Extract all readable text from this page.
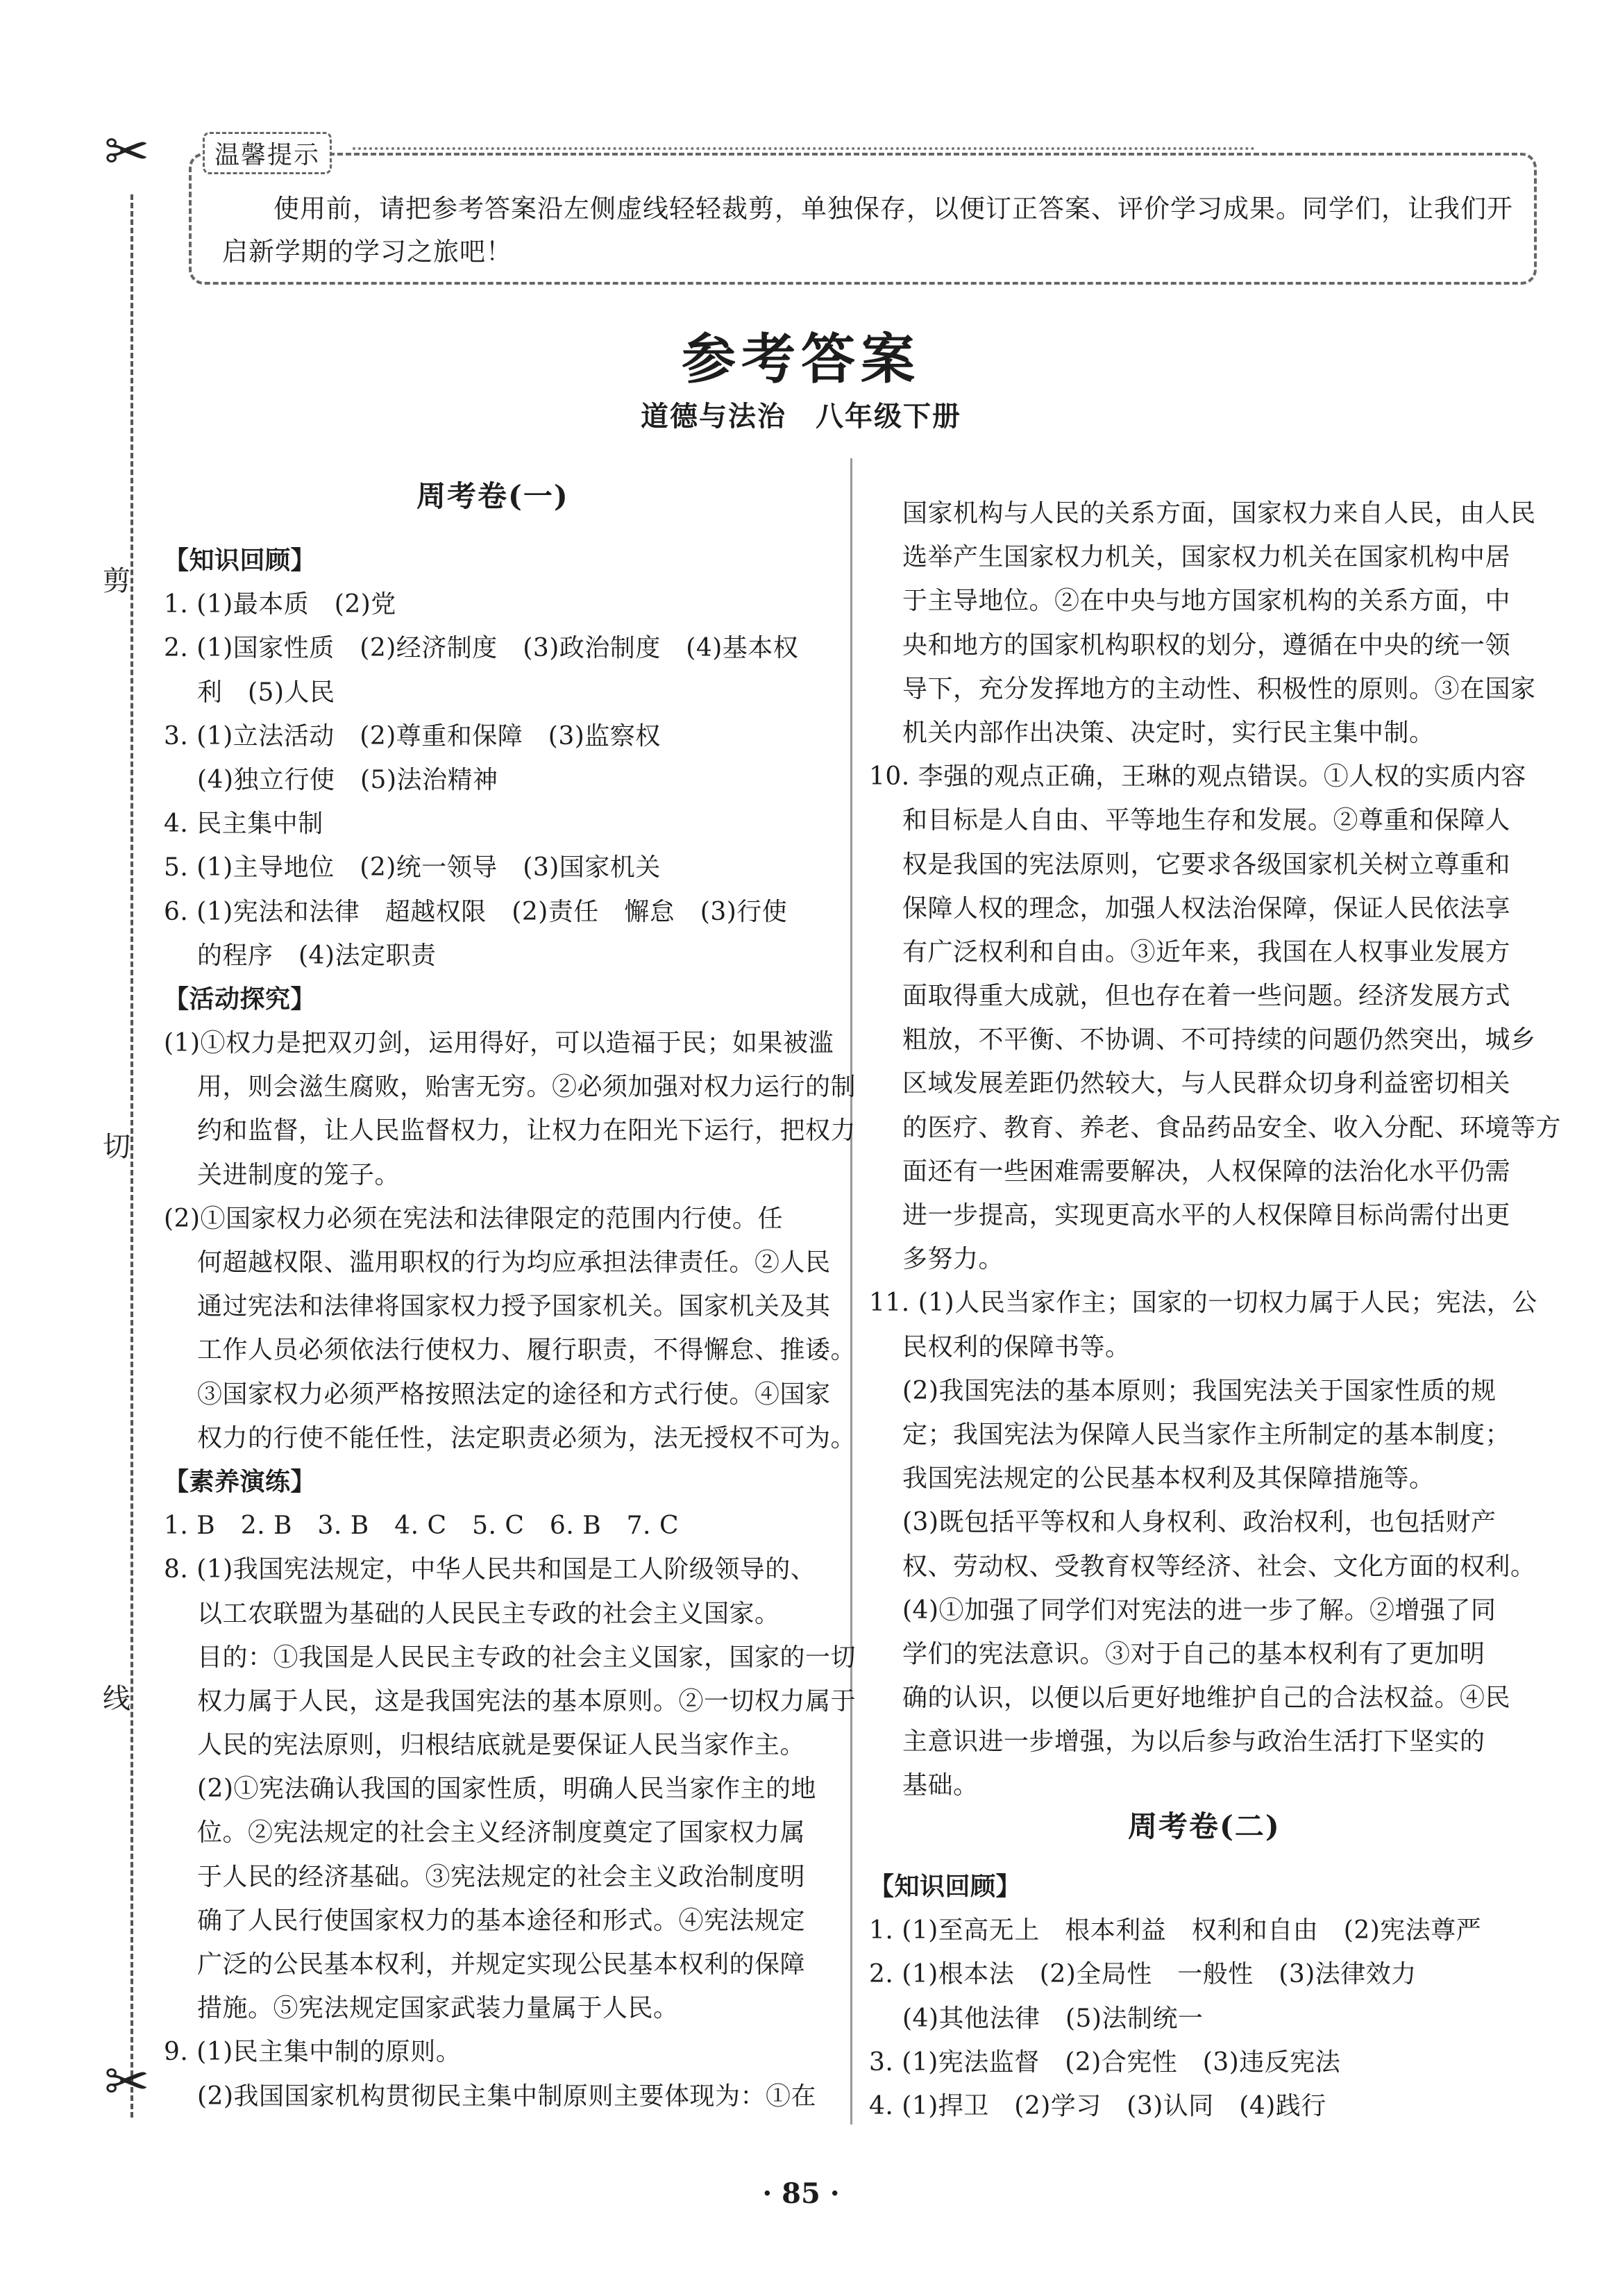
✂
✂
剪
切
线
温馨提示
使用前，请把参考答案沿左侧虚线轻轻裁剪，单独保存，以便订正答案、评价学习成果。同学们，让我们开启新学期的学习之旅吧！
参考答案
道德与法治　八年级下册
周考卷(一)
【知识回顾】
1. (1)最本质　(2)党
2. (1)国家性质　(2)经济制度　(3)政治制度　(4)基本权
利　(5)人民
3. (1)立法活动　(2)尊重和保障　(3)监察权
(4)独立行使　(5)法治精神
4. 民主集中制
5. (1)主导地位　(2)统一领导　(3)国家机关
6. (1)宪法和法律　超越权限　(2)责任　懈怠　(3)行使
的程序　(4)法定职责
【活动探究】
(1)①权力是把双刃剑，运用得好，可以造福于民；如果被滥
用，则会滋生腐败，贻害无穷。②必须加强对权力运行的制
约和监督，让人民监督权力，让权力在阳光下运行，把权力
关进制度的笼子。
(2)①国家权力必须在宪法和法律限定的范围内行使。任
何超越权限、滥用职权的行为均应承担法律责任。②人民
通过宪法和法律将国家权力授予国家机关。国家机关及其
工作人员必须依法行使权力、履行职责，不得懈怠、推诿。
③国家权力必须严格按照法定的途径和方式行使。④国家
权力的行使不能任性，法定职责必须为，法无授权不可为。
【素养演练】
1. B　2. B　3. B　4. C　5. C　6. B　7. C
8. (1)我国宪法规定，中华人民共和国是工人阶级领导的、
以工农联盟为基础的人民民主专政的社会主义国家。
目的：①我国是人民民主专政的社会主义国家，国家的一切
权力属于人民，这是我国宪法的基本原则。②一切权力属于
人民的宪法原则，归根结底就是要保证人民当家作主。
(2)①宪法确认我国的国家性质，明确人民当家作主的地
位。②宪法规定的社会主义经济制度奠定了国家权力属
于人民的经济基础。③宪法规定的社会主义政治制度明
确了人民行使国家权力的基本途径和形式。④宪法规定
广泛的公民基本权利，并规定实现公民基本权利的保障
措施。⑤宪法规定国家武装力量属于人民。
9. (1)民主集中制的原则。
(2)我国国家机构贯彻民主集中制原则主要体现为：①在
国家机构与人民的关系方面，国家权力来自人民，由人民
选举产生国家权力机关，国家权力机关在国家机构中居
于主导地位。②在中央与地方国家机构的关系方面，中
央和地方的国家机构职权的划分，遵循在中央的统一领
导下，充分发挥地方的主动性、积极性的原则。③在国家
机关内部作出决策、决定时，实行民主集中制。
10. 李强的观点正确，王琳的观点错误。①人权的实质内容
和目标是人自由、平等地生存和发展。②尊重和保障人
权是我国的宪法原则，它要求各级国家机关树立尊重和
保障人权的理念，加强人权法治保障，保证人民依法享
有广泛权利和自由。③近年来，我国在人权事业发展方
面取得重大成就，但也存在着一些问题。经济发展方式
粗放，不平衡、不协调、不可持续的问题仍然突出，城乡
区域发展差距仍然较大，与人民群众切身利益密切相关
的医疗、教育、养老、食品药品安全、收入分配、环境等方
面还有一些困难需要解决，人权保障的法治化水平仍需
进一步提高，实现更高水平的人权保障目标尚需付出更
多努力。
11. (1)人民当家作主；国家的一切权力属于人民；宪法，公
民权利的保障书等。
(2)我国宪法的基本原则；我国宪法关于国家性质的规
定；我国宪法为保障人民当家作主所制定的基本制度；
我国宪法规定的公民基本权利及其保障措施等。
(3)既包括平等权和人身权利、政治权利，也包括财产
权、劳动权、受教育权等经济、社会、文化方面的权利。
(4)①加强了同学们对宪法的进一步了解。②增强了同
学们的宪法意识。③对于自己的基本权利有了更加明
确的认识，以便以后更好地维护自己的合法权益。④民
主意识进一步增强，为以后参与政治生活打下坚实的
基础。
周考卷(二)
【知识回顾】
1. (1)至高无上　根本利益　权利和自由　(2)宪法尊严
2. (1)根本法　(2)全局性　一般性　(3)法律效力
(4)其他法律　(5)法制统一
3. (1)宪法监督　(2)合宪性　(3)违反宪法
4. (1)捍卫　(2)学习　(3)认同　(4)践行
· 85 ·
